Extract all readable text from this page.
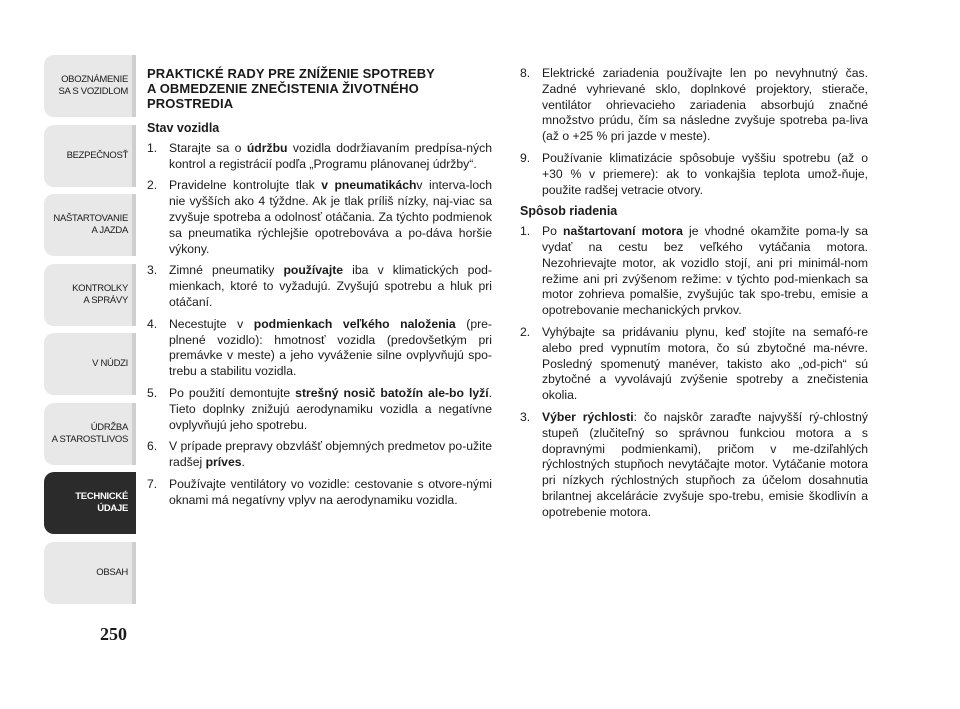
OBOZNÁMENIE
SA S VOZIDLOM
BEZPEČNOSŤ
NAŠTARTOVANIE
A JAZDA
KONTROLKY
A SPRÁVY
V NÚDZI
ÚDRŽBA
A STAROSTLIVOS
TECHNICKÉ
ÚDAJE
OBSAH
250
PRAKTICKÉ RADY PRE ZNÍŽENIE SPOTREBY
A OBMEDZENIE ZNEČISTENIA ŽIVOTNÉHO
PROSTREDIA
Stav vozidla
1. Starajte sa o údržbu vozidla dodržiavaním predpísa-ných kontrol a registrácií podľa „Programu plánovanej údržby“.
2. Pravidelne kontrolujte tlak v pneumatikáchv interva-loch nie vyšších ako 4 týždne. Ak je tlak príliš nízky, naj-viac sa zvyšuje spotreba a odolnosť otáčania. Za týchto podmienok sa pneumatika rýchlejšie opotrebováva a po-dáva horšie výkony.
3. Zimné pneumatiky používajte iba v klimatických pod-mienkach, ktoré to vyžadujú. Zvyšujú spotrebu a hluk pri otáčaní.
4. Necestujte v podmienkach veľkého naloženia (pre-plnené vozidlo): hmotnosť vozidla (predovšetkým pri premávke v meste) a jeho vyváženie silne ovplyvňujú spo-trebu a stabilitu vozidla.
5. Po použití demontujte strešný nosič batožín ale-bo lyží. Tieto doplnky znižujú aerodynamiku vozidla a negatívne ovplyvňujú jeho spotrebu.
6. V prípade prepravy obzvlášť objemných predmetov po-užite radšej príves.
7. Používajte ventilátory vo vozidle: cestovanie s otvore-nými oknami má negatívny vplyv na aerodynamiku vozidla.
8. Elektrické zariadenia používajte len po nevyhnutný čas. Zadné vyhrievané sklo, doplnkové projektory, stierače, ventilátor ohrievacieho zariadenia absorbujú značné množstvo prúdu, čím sa následne zvyšuje spotreba pa-liva (až o +25 % pri jazde v meste).
9. Používanie klimatizácie spôsobuje vyššiu spotrebu (až o +30 % v priemere): ak to vonkajšia teplota umož-ňuje, použite radšej vetracie otvory.
Spôsob riadenia
1. Po naštartovaní motora je vhodné okamžite poma-ly sa vydať na cestu bez veľkého vytáčania motora. Nezohrievajte motor, ak vozidlo stojí, ani pri minimál-nom režime ani pri zvýšenom režime: v týchto pod-mienkach sa motor zohrieva pomalšie, zvyšujúc tak spo-trebu, emisie a opotrebovanie mechanických prvkov.
2. Vyhýbajte sa pridávaniu plynu, keď stojíte na semafó-re alebo pred vypnutím motora, čo sú zbytočné ma-névre. Posledný spomenutý manéver, takisto ako „od-pich“ sú zbytočné a vyvolávajú zvýšenie spotreby a znečistenia okolia.
3. Výber rýchlosti: čo najskôr zaraďte najvyšší rý-chlostný stupeň (zlučiteľný so správnou funkciou motora a s dopravnými podmienkami), pričom v me-dziľahlých rýchlostných stupňoch nevytáčajte motor. Vytáčanie motora pri nízkych rýchlostných stupňoch za účelom dosahnutia brilantnej akcelárácie zvyšuje spo-trebu, emisie škodlivín a opotrebenie motora.
